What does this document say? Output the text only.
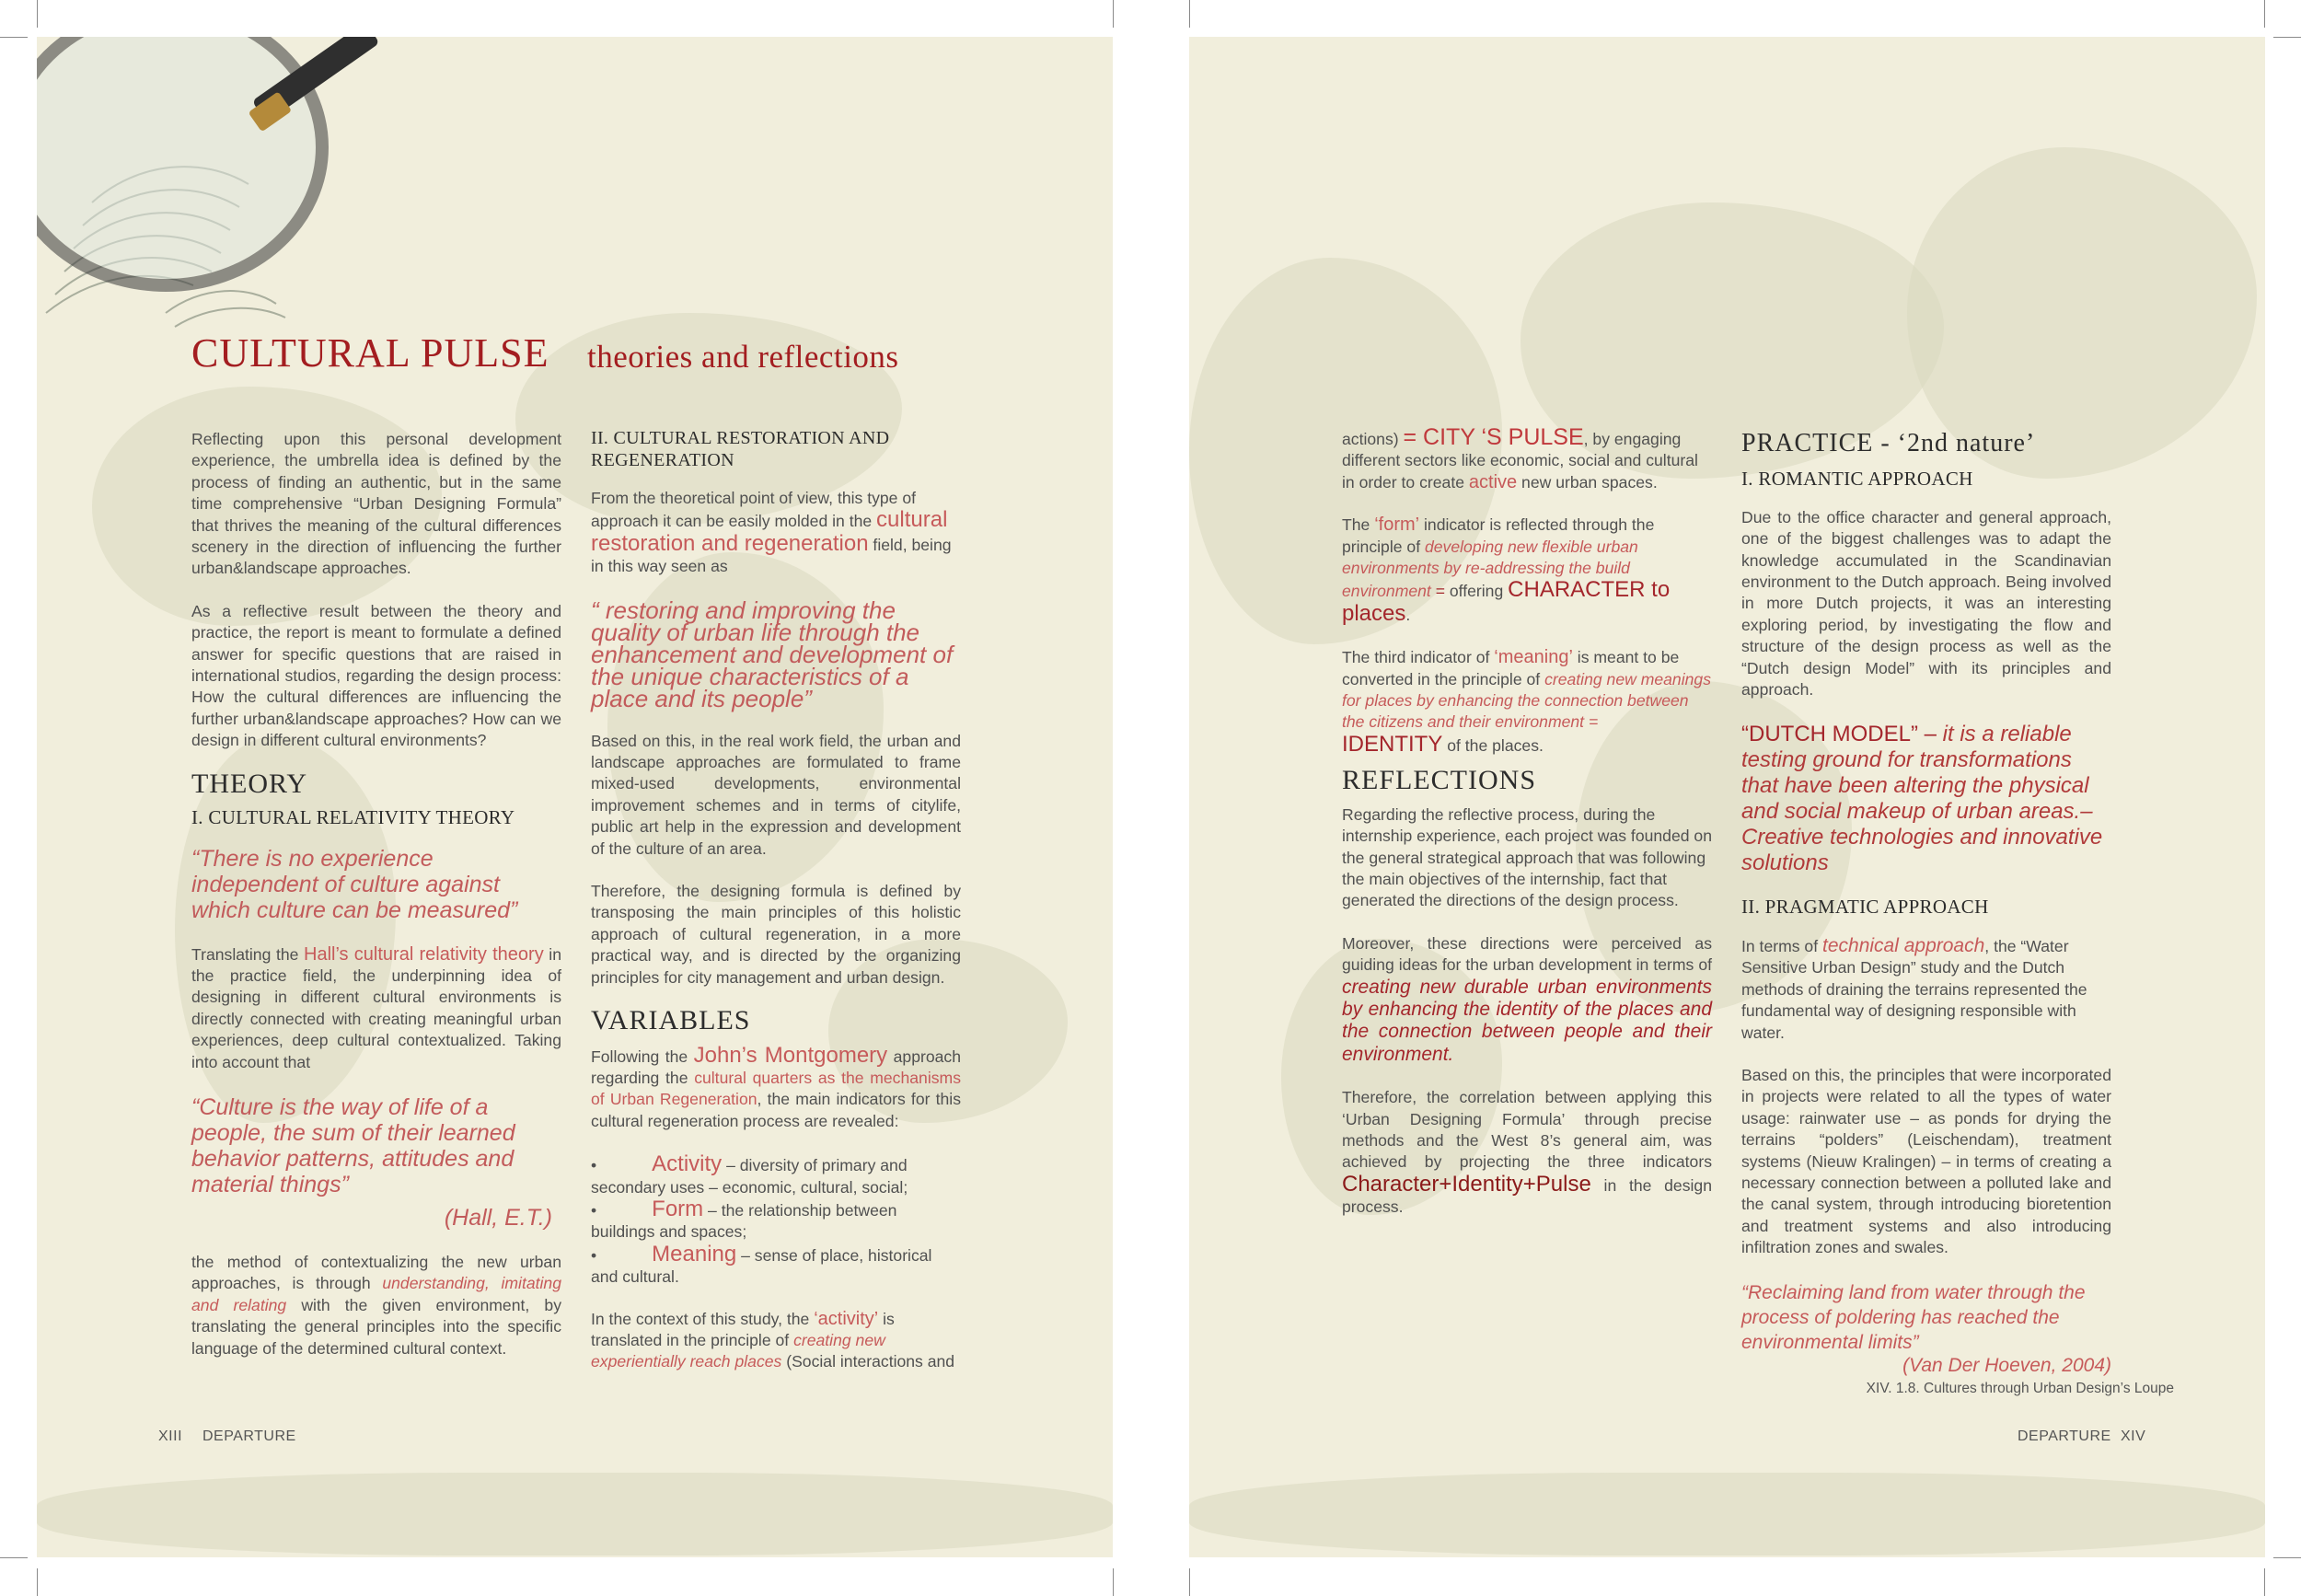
CULTURAL PULSE theories and reflections

Reflecting upon this personal development experience, the umbrella idea is defined by the process of finding an authentic, but in the same time comprehensive “Urban Designing Formula” that thrives the meaning of the cultural differences scenery in the direction of influencing the further urban&landscape approaches.

As a reflective result between the theory and practice, the report is meant to formulate a defined answer for specific questions that are raised in international studios, regarding the design process: How the cultural differences are influencing the further urban&landscape approaches? How can we design in different cultural environments?

THEORY
I. CULTURAL RELATIVITY THEORY

“There is no experience independent of culture against which culture can be measured”

Translating the Hall’s cultural relativity theory in the practice field, the underpinning idea of designing in different cultural environments is directly connected with creating meaningful urban experiences, deep cultural contextualized. Taking into account that

“Culture is the way of life of a people, the sum of their learned behavior patterns, attitudes and material things”

(Hall, E.T.)

the method of contextualizing the new urban approaches, is through understanding, imitating and relating with the given environment, by translating the general principles into the specific language of the determined cultural context.

II. CULTURAL RESTORATION AND REGENERATION

From the theoretical point of view, this type of approach it can be easily molded in the cultural restoration and regeneration field, being in this way seen as

“ restoring and improving the quality of urban life through the enhancement and development of the unique characteristics of a place and its people”

Based on this, in the real work field, the urban and landscape approaches are formulated to frame mixed-used developments, environmental improvement schemes and in terms of citylife, public art help in the expression and development of the culture of an area.

Therefore, the designing formula is defined by transposing the main principles of this holistic approach of cultural regeneration, in a more practical way, and is directed by the organizing principles for city management and urban design.

VARIABLES

Following the John’s Montgomery approach regarding the cultural quarters as the mechanisms of Urban Regeneration, the main indicators for this cultural regeneration process are revealed:

•	Activity – diversity of primary and secondary uses – economic, cultural, social;

•	Form – the relationship between buildings and spaces;

•	Meaning – sense of place, historical and cultural.

In the context of this study, the ‘activity’ is translated in the principle of creating new experientially reach places (Social interactions and

XIII DEPARTURE

actions) = CITY ‘S PULSE, by engaging different sectors like economic, social and cultural in order to create active new urban spaces.

The ‘form’ indicator is reflected through the principle of developing new flexible urban environments by re-addressing the build environment = offering CHARACTER to places.

The third indicator of ‘meaning’ is meant to be converted in the principle of creating new meanings for places by enhancing the connection between the citizens and their environment =
IDENTITY of the places.

REFLECTIONS

Regarding the reflective process, during the internship experience, each project was founded on the general strategical approach that was following the main objectives of the internship, fact that generated the directions of the design process.

Moreover, these directions were perceived as guiding ideas for the urban development in terms of creating new durable urban environments by enhancing the identity of the places and the connection between people and their environment.

Therefore, the correlation between applying this ‘Urban Designing Formula’ through precise methods and the West 8’s general aim, was achieved by projecting the three indicators Character+Identity+Pulse in the design process.

PRACTICE - ‘2nd nature’
I. ROMANTIC APPROACH

Due to the office character and general approach, one of the biggest challenges was to adapt the knowledge accumulated in the Scandinavian environment to the Dutch approach. Being involved in more Dutch projects, it was an interesting exploring period, by investigating the flow and structure of the design process as well as the “Dutch design Model” with its principles and approach.

“DUTCH MODEL” – it is a reliable testing ground for transformations that have been altering the physical and social makeup of urban areas.– Creative technologies and innovative solutions

II. PRAGMATIC APPROACH

In terms of technical approach, the “Water Sensitive Urban Design” study and the Dutch methods of draining the terrains represented the fundamental way of designing responsible with water.

Based on this, the principles that were incorporated in projects were related to all the types of water usage: rainwater use – as ponds for drying the terrains “polders” (Leischendam), treatment systems (Nieuw Kralingen) – in terms of creating a necessary connection between a polluted lake and the canal system, through introducing bioretention and treatment systems and also introducing infiltration zones and swales.

“Reclaiming land from water through the process of poldering has reached the environmental limits”

(Van Der Hoeven, 2004)

XIV. 1.8. Cultures through Urban Design’s Loupe
DEPARTURE XIV
